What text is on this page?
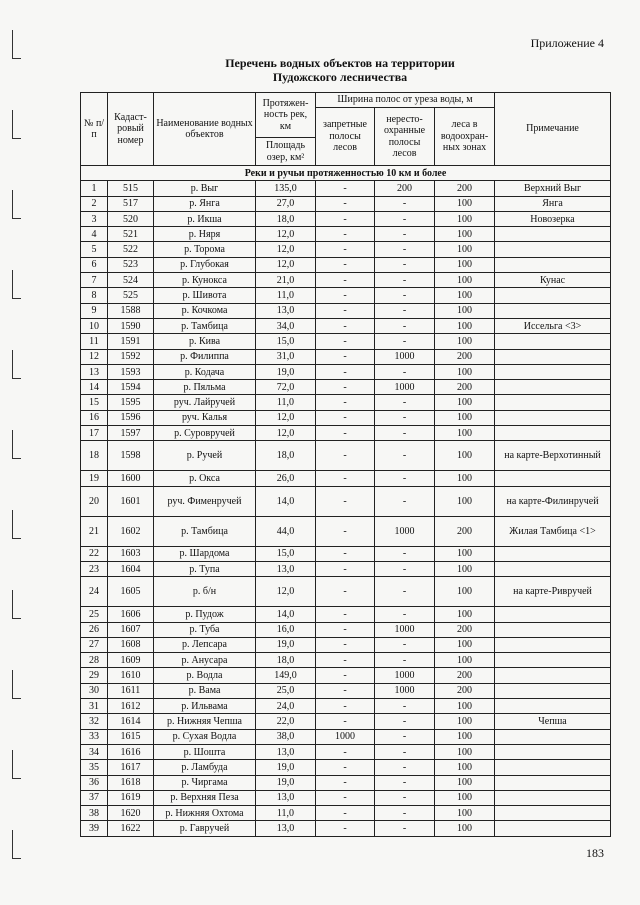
Приложение 4
Перечень водных объектов на территории
Пудожского лесничества
№ п/п	Кадаст-ровый номер	Наименование водных объектов	Протяжен-ность рек, км	Ширина полос от уреза воды, м			Примечание
				запретные полосы лесов	нересто-охранные полосы лесов	леса в водоохран-ных зонах	
			Площадь озер, км²				
Реки и ручьи протяженностью 10 км и более							
1	515	р. Выг	135,0	-	200	200	Верхний Выг
2	517	р. Янгa	27,0	-	-	100	Янга
3	520	р. Икша	18,0	-	-	100	Новозерка
4	521	р. Няря	12,0	-	-	100	
5	522	р. Торома	12,0	-	-	100	
6	523	р. Глубокая	12,0	-	-	100	
7	524	р. Кунокса	21,0	-	-	100	Кунас
8	525	р. Шивота	11,0	-	-	100	
9	1588	р. Кочкома	13,0	-	-	100	
10	1590	р. Тамбица	34,0	-	-	100	Иссельга <3>
11	1591	р. Кива	15,0	-	-	100	
12	1592	р. Филиппа	31,0	-	1000	200	
13	1593	р. Кодача	19,0	-	-	100	
14	1594	р. Пяльма	72,0	-	1000	200	
15	1595	руч. Лайручей	11,0	-	-	100	
16	1596	руч. Калья	12,0	-	-	100	
17	1597	р. Суровручей	12,0	-	-	100	
18	1598	р. Ручей	18,0	-	-	100	на карте-Верхотинный
19	1600	р. Окса	26,0	-	-	100	
20	1601	руч. Фименручей	14,0	-	-	100	на карте-Филинручей
21	1602	р. Тамбица	44,0	-	1000	200	Жилая Тамбица <1>
22	1603	р. Шардома	15,0	-	-	100	
23	1604	р. Тупа	13,0	-	-	100	
24	1605	р. б/н	12,0	-	-	100	на карте-Ривручей
25	1606	р. Пудож	14,0	-	-	100	
26	1607	р. Туба	16,0	-	1000	200	
27	1608	р. Лепсара	19,0	-	-	100	
28	1609	р. Анусара	18,0	-	-	100	
29	1610	р. Водла	149,0	-	1000	200	
30	1611	р. Вама	25,0	-	1000	200	
31	1612	р. Ильвама	24,0	-	-	100	
32	1614	р. Нижняя Чепша	22,0	-	-	100	Чепша
33	1615	р. Сухая Водла	38,0	1000	-	100	
34	1616	р. Шошта	13,0	-	-	100	
35	1617	р. Ламбуда	19,0	-	-	100	
36	1618	р. Чиргама	19,0	-	-	100	
37	1619	р. Верхняя Пеза	13,0	-	-	100	
38	1620	р. Нижняя Охтома	11,0	-	-	100	
39	1622	р. Гавручей	13,0	-	-	100	
183
